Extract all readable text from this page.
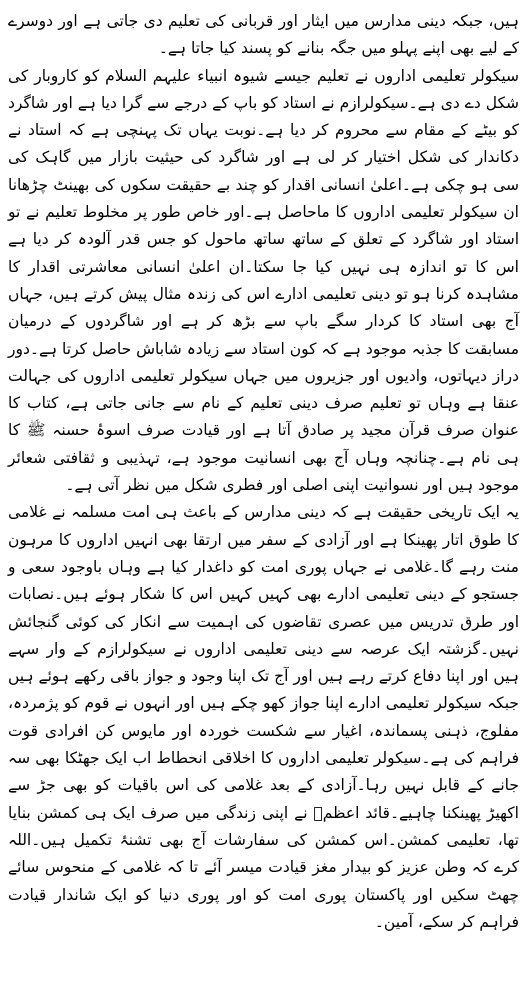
ہیں، جبکہ دینی مدارس میں ایثار اور قربانی کی تعلیم دی جاتی ہے اور دوسرے کے لیے بھی اپنے پہلو میں جگہ بنانے کو پسند کیا جاتا ہے۔

سیکولر تعلیمی اداروں نے تعلیم جیسے شیوہ انبیاء علیہم السلام کو کاروبار کی شکل دے دی ہے۔سیکولرازم نے استاد کو باپ کے درجے سے گرا دیا ہے اور شاگرد کو بیٹے کے مقام سے محروم کر دیا ہے۔نوبت یہاں تک پہنچی ہے کہ استاد نے دکاندار کی شکل اختیار کر لی ہے اور شاگرد کی حیثیت بازار میں گاہک کی سی ہو چکی ہے۔اعلیٰ انسانی اقدار کو چند بے حقیقت سکوں کی بھینٹ چڑھانا ان سیکولر تعلیمی اداروں کا ماحاصل ہے۔اور خاص طور پر مخلوط تعلیم نے تو استاد اور شاگرد کے تعلق کے ساتھ ساتھ ماحول کو جس قدر آلودہ کر دیا ہے اس کا تو اندازہ ہی نہیں کیا جا سکتا۔ان اعلیٰ انسانی معاشرتی اقدار کا مشاہدہ کرنا ہو تو دینی تعلیمی ادارے اس کی زندہ مثال پیش کرتے ہیں، جہاں آج بھی استاد کا کردار سگے باپ سے بڑھ کر ہے اور شاگردوں کے درمیان مسابقت کا جذبہ موجود ہے کہ کون استاد سے زیادہ شاباش حاصل کرتا ہے۔دور دراز دیہاتوں، وادیوں اور جزیروں میں جہاں سیکولر تعلیمی اداروں کی جہالت عنقا ہے وہاں تو تعلیم صرف دینی تعلیم کے نام سے جانی جاتی ہے، کتاب کا عنوان صرف قرآن مجید پر صادق آتا ہے اور قیادت صرف اسوۂ حسنہ ﷺ کا ہی نام ہے۔چنانچہ وہاں آج بھی انسانیت موجود ہے، تہذیبی و ثقافتی شعائر موجود ہیں اور نسوانیت اپنی اصلی اور فطری شکل میں نظر آتی ہے۔

یہ ایک تاریخی حقیقت ہے کہ دینی مدارس کے باعث ہی امت مسلمہ نے غلامی کا طوق اتار پھینکا ہے اور آزادی کے سفر میں ارتقا بھی انہیں اداروں کا مرہون منت رہے گا۔غلامی نے جہاں پوری امت کو داغدار کیا ہے وہاں باوجود سعی و جستجو کے دینی تعلیمی ادارے بھی کہیں کہیں اس کا شکار ہوئے ہیں۔نصابات اور طرق تدریس میں عصری تقاضوں کی اہمیت سے انکار کی کوئی گنجائش نہیں۔گزشتہ ایک عرصہ سے دینی تعلیمی اداروں نے سیکولرازم کے وار سہے ہیں اور اپنا دفاع کرتے رہے ہیں اور آج تک اپنا وجود و جواز باقی رکھے ہوئے ہیں جبکہ سیکولر تعلیمی ادارے اپنا جواز کھو چکے ہیں اور انہوں نے قوم کو پژمردہ، مفلوج، ذہنی پسماندہ، اغیار سے شکست خوردہ اور مایوس کن افرادی قوت فراہم کی ہے۔سیکولر تعلیمی اداروں کا اخلاقی انحطاط اب ایک جھٹکا بھی سہ جانے کے قابل نہیں رہا۔آزادی کے بعد غلامی کی اس باقیات کو بھی جڑ سے اکھیڑ پھینکنا چاہیے۔قائد اعظمؒ نے اپنی زندگی میں صرف ایک ہی کمشن بنایا تھا، تعلیمی کمشن۔اس کمشن کی سفارشات آج بھی تشنۂ تکمیل ہیں۔اللہ کرے کہ وطن عزیز کو بیدار مغز قیادت میسر آئے تا کہ غلامی کے منحوس سائے چھٹ سکیں اور پاکستان پوری امت کو اور پوری دنیا کو ایک شاندار قیادت فراہم کر سکے، آمین۔
